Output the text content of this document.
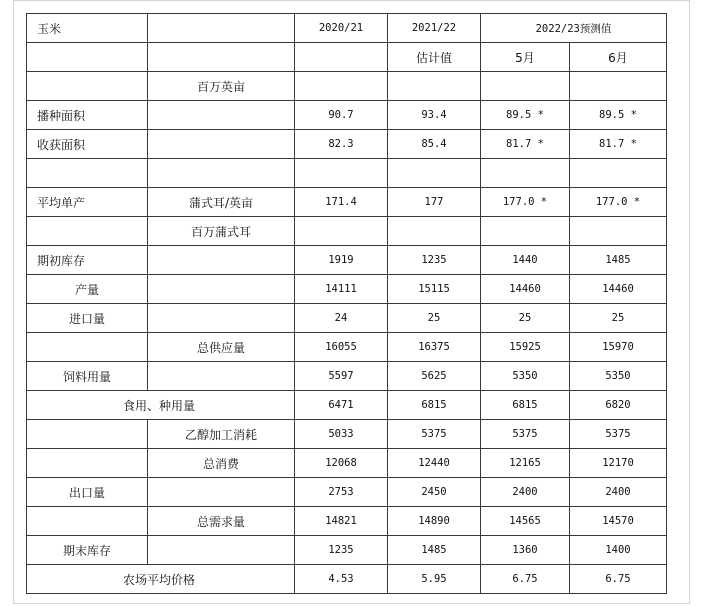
玉米		2020/21	2021/22	2022/23预测值	
			估计值	5月	6月
	百万英亩				
播种面积		90.7	93.4	89.5 *	89.5 *
收获面积		82.3	85.4	81.7 *	81.7 *

平均单产	蒲式耳/英亩	171.4	177	177.0 *	177.0 *
	百万蒲式耳				
期初库存		1919	1235	1440	1485
产量		14111	15115	14460	14460
进口量		24	25	25	25
	总供应量	16055	16375	15925	15970
饲料用量		5597	5625	5350	5350
食用、种用量		6471	6815	6815	6820
	乙醇加工消耗	5033	5375	5375	5375
	总消费	12068	12440	12165	12170
出口量		2753	2450	2400	2400
	总需求量	14821	14890	14565	14570
期末库存		1235	1485	1360	1400
农场平均价格		4.53	5.95	6.75	6.75
